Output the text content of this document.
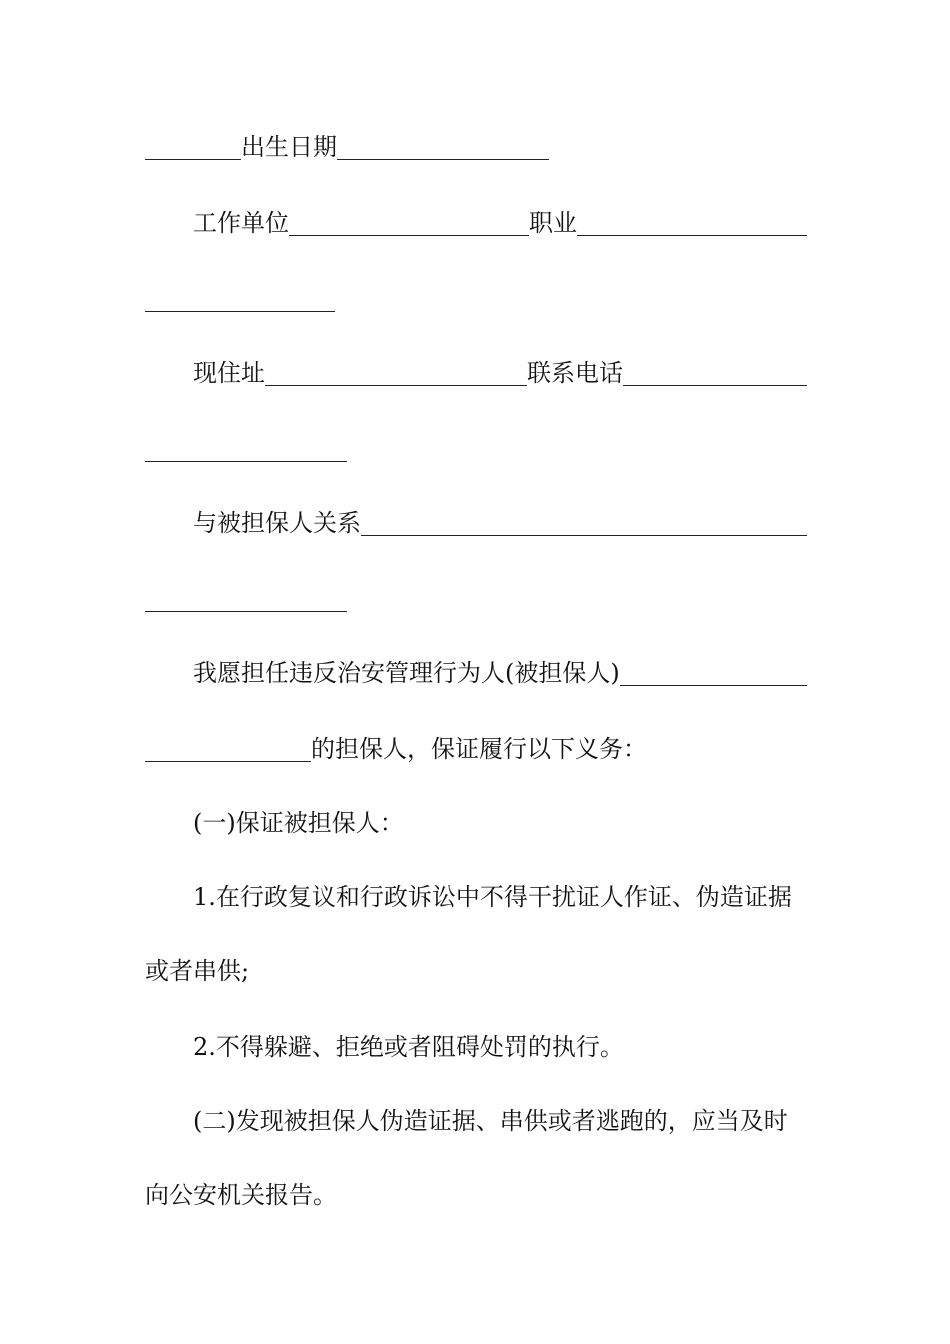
出生日期
工作单位	职业
现住址	联系电话
与被担保人关系
我愿担任违反治安管理行为人(被担保人)
的担保人，保证履行以下义务：
(一)保证被担保人：
1.在行政复议和行政诉讼中不得干扰证人作证、伪造证据
或者串供;
2.不得躲避、拒绝或者阻碍处罚的执行。
(二)发现被担保人伪造证据、串供或者逃跑的，应当及时
向公安机关报告。
